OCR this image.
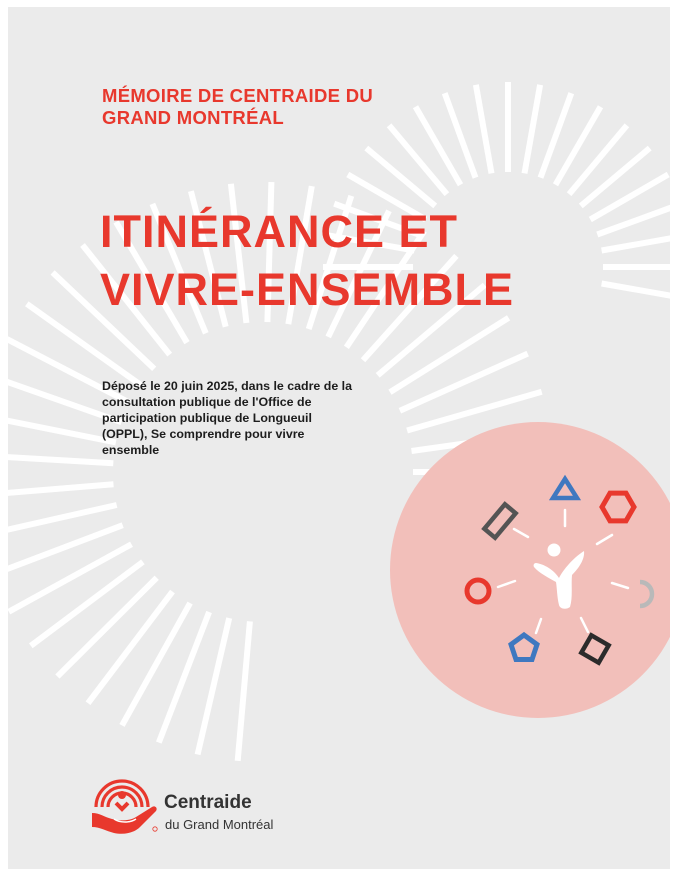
MÉMOIRE DE CENTRAIDE DU
GRAND MONTRÉAL
ITINÉRANCE ET
VIVRE-ENSEMBLE

Déposé le 20 juin 2025, dans le cadre de la consultation publique de l'Office de participation publique de Longueuil (OPPL), Se comprendre pour vivre ensemble

Centraide

du Grand Montréal
